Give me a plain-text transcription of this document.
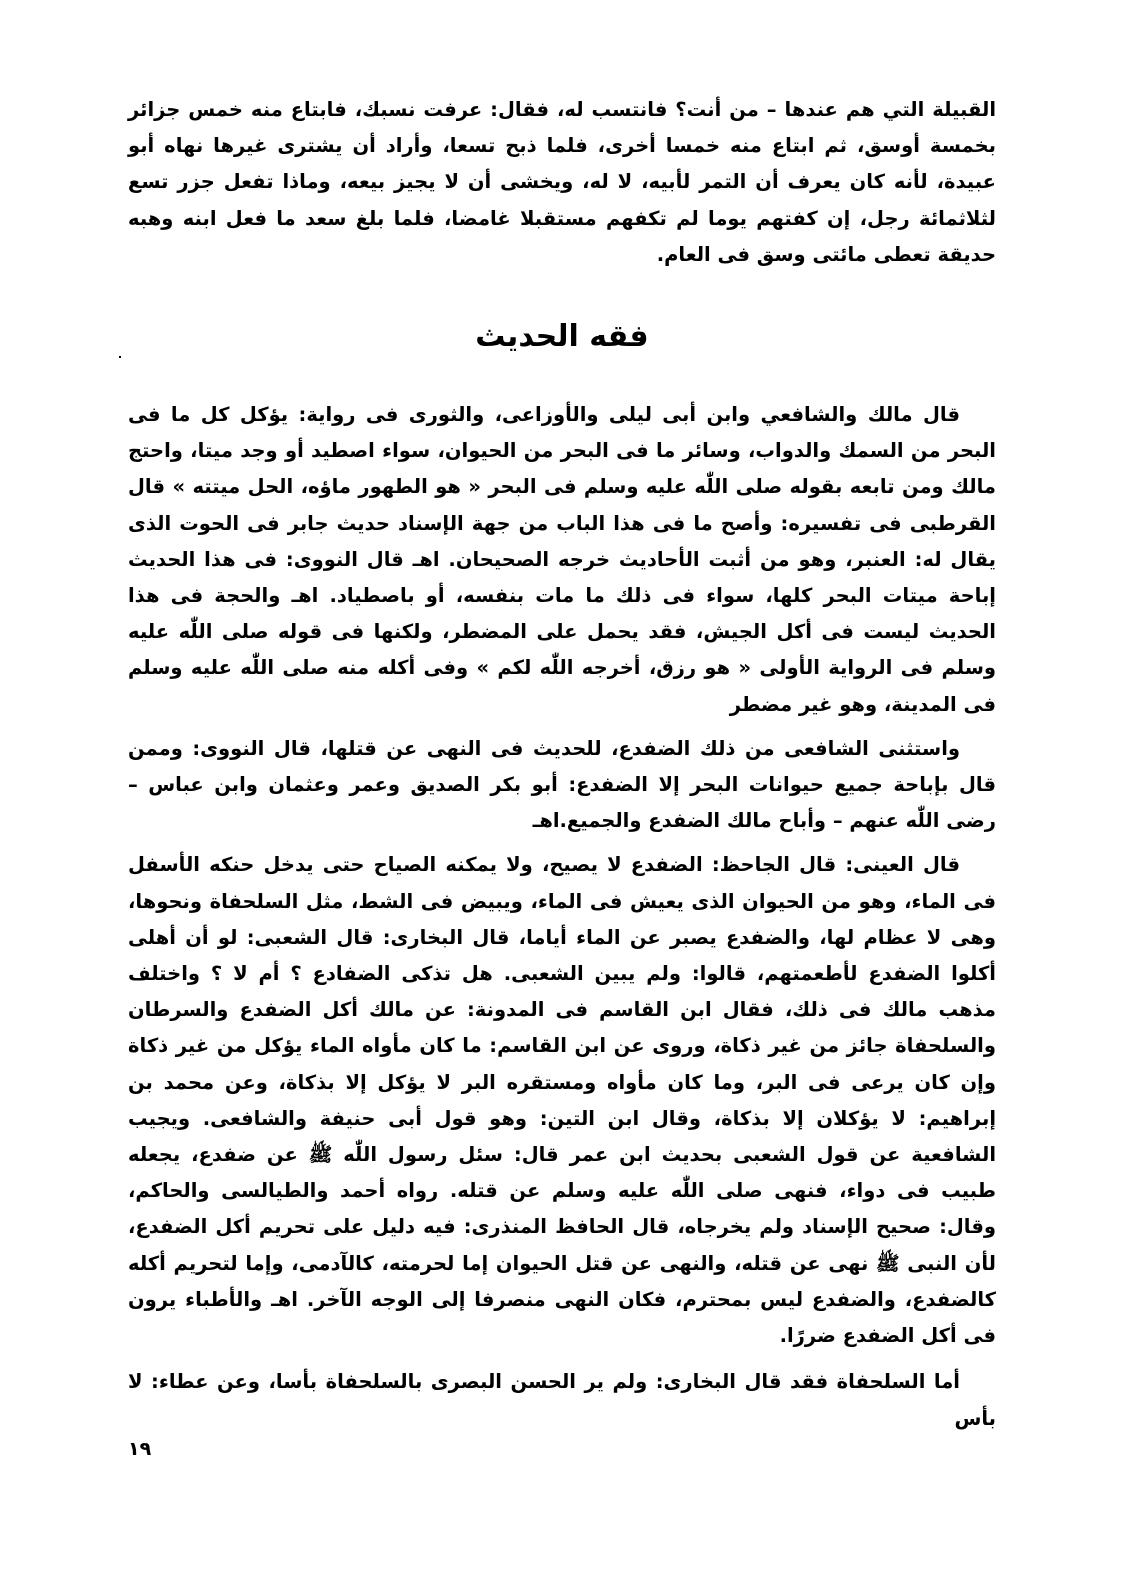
القبيلة التي هم عندها – من أنت؟ فانتسب له، فقال: عرفت نسبك، فابتاع منه خمس جزائر بخمسة أوسق، ثم ابتاع منه خمسا أخرى، فلما ذبح تسعا، وأراد أن يشترى غيرها نهاه أبو عبيدة، لأنه كان يعرف أن التمر لأبيه، لا له، ويخشى أن لا يجيز بيعه، وماذا تفعل جزر تسع لثلاثمائة رجل، إن كفتهم يوما لم تكفهم مستقبلا غامضا، فلما بلغ سعد ما فعل ابنه وهبه حديقة تعطى مائتى وسق فى العام.

فقه الحديث

قال مالك والشافعي وابن أبى ليلى والأوزاعى، والثورى فى رواية: يؤكل كل ما فى البحر من السمك والدواب، وسائر ما فى البحر من الحيوان، سواء اصطيد أو وجد ميتا، واحتج مالك ومن تابعه بقوله صلى اللّٰه عليه وسلم فى البحر « هو الطهور ماؤه، الحل ميتته » قال القرطبى فى تفسيره: وأصح ما فى هذا الباب من جهة الإسناد حديث جابر فى الحوت الذى يقال له: العنبر، وهو من أثبت الأحاديث خرجه الصحيحان. اهـ قال النووى: فى هذا الحديث إباحة ميتات البحر كلها، سواء فى ذلك ما مات بنفسه، أو باصطياد. اهـ والحجة فى هذا الحديث ليست فى أكل الجيش، فقد يحمل على المضطر، ولكنها فى قوله صلى اللّٰه عليه وسلم فى الرواية الأولى « هو رزق، أخرجه اللّٰه لكم » وفى أكله منه صلى اللّٰه عليه وسلم فى المدينة، وهو غير مضطر

واستثنى الشافعى من ذلك الضفدع، للحديث فى النهى عن قتلها، قال النووى: وممن قال بإباحة جميع حيوانات البحر إلا الضفدع: أبو بكر الصديق وعمر وعثمان وابن عباس – رضى اللّٰه عنهم – وأباح مالك الضفدع والجميع.اهـ

قال العينى: قال الجاحظ: الضفدع لا يصيح، ولا يمكنه الصياح حتى يدخل حنكه الأسفل فى الماء، وهو من الحيوان الذى يعيش فى الماء، ويبيض فى الشط، مثل السلحفاة ونحوها، وهى لا عظام لها، والضفدع يصبر عن الماء أياما، قال البخارى: قال الشعبى: لو أن أهلى أكلوا الضفدع لأطعمتهم، قالوا: ولم يبين الشعبى. هل تذكى الضفادع ؟ أم لا ؟ واختلف مذهب مالك فى ذلك، فقال ابن القاسم فى المدونة: عن مالك أكل الضفدع والسرطان والسلحفاة جائز من غير ذكاة، وروى عن ابن القاسم: ما كان مأواه الماء يؤكل من غير ذكاة وإن كان يرعى فى البر، وما كان مأواه ومستقره البر لا يؤكل إلا بذكاة، وعن محمد بن إبراهيم: لا يؤكلان إلا بذكاة، وقال ابن التين: وهو قول أبى حنيفة والشافعى. ويجيب الشافعية عن قول الشعبى بحديث ابن عمر قال: سئل رسول اللّٰه ﷺ عن ضفدع، يجعله طبيب فى دواء، فنهى صلى اللّٰه عليه وسلم عن قتله. رواه أحمد والطيالسى والحاكم، وقال: صحيح الإسناد ولم يخرجاه، قال الحافظ المنذرى: فيه دليل على تحريم أكل الضفدع، لأن النبى ﷺ نهى عن قتله، والنهى عن قتل الحيوان إما لحرمته، كالآدمى، وإما لتحريم أكله كالضفدع، والضفدع ليس بمحترم، فكان النهى منصرفا إلى الوجه الآخر. اهـ والأطباء يرون فى أكل الضفدع ضررًا.

أما السلحفاة فقد قال البخارى: ولم ير الحسن البصرى بالسلحفاة بأسا، وعن عطاء: لا بأس

١٩
